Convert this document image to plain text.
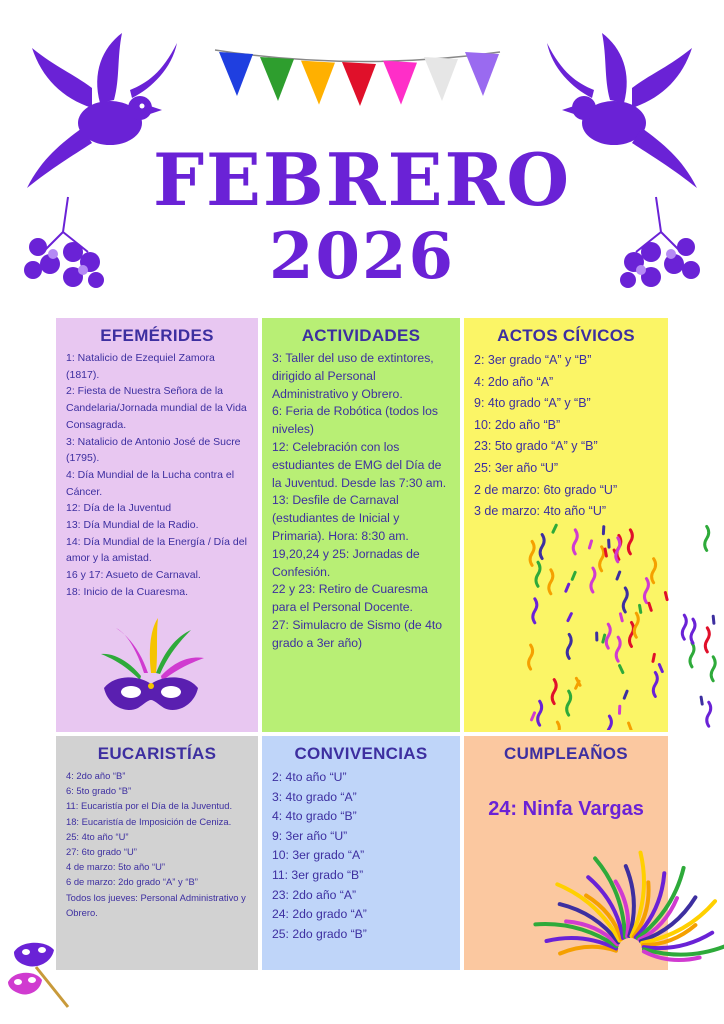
FEBRERO
2026
EFEMÉRIDES
1: Natalicio de Ezequiel Zamora (1817).
2: Fiesta de Nuestra Señora de la Candelaria/Jornada mundial de la Vida Consagrada.
3: Natalicio de Antonio José de Sucre (1795).
4: Día Mundial de la Lucha contra el Cáncer.
12: Día de la Juventud
13: Día Mundial de la Radio.
14: Día Mundial de la Energía / Día del amor y la amistad.
16 y 17: Asueto de Carnaval.
18: Inicio de la Cuaresma.
ACTIVIDADES
3: Taller del uso de extintores, dirigido al Personal Administrativo y Obrero.
6: Feria de Robótica (todos los niveles)
12: Celebración con los estudiantes de EMG del Día de la Juventud. Desde las 7:30 am.
13: Desfile de Carnaval (estudiantes de Inicial y Primaria). Hora: 8:30 am.
19,20,24 y 25: Jornadas de Confesión.
22 y 23: Retiro de Cuaresma para el Personal Docente.
27: Simulacro de Sismo (de 4to grado a 3er año)
ACTOS CÍVICOS
2: 3er grado “A” y “B”
4: 2do año “A”
9: 4to grado “A” y “B”
10: 2do año “B”
23: 5to grado “A” y “B”
25: 3er año “U”
2 de marzo: 6to grado “U”
3 de marzo: 4to año “U”
EUCARISTÍAS
4: 2do año “B”
6: 5to grado “B”
11: Eucaristía por el Día de la Juventud.
18: Eucaristía de Imposición de Ceniza.
25: 4to año “U”
27: 6to grado “U”
4 de marzo: 5to año “U”
6 de marzo: 2do grado “A” y “B”
Todos los jueves: Personal Administrativo y Obrero.
CONVIVENCIAS
2: 4to año “U”
3: 4to grado “A”
4: 4to grado “B”
9: 3er año “U”
10: 3er grado “A”
11: 3er grado “B”
23: 2do año “A”
24: 2do grado “A”
25: 2do grado “B”
CUMPLEAÑOS
24: Ninfa Vargas
